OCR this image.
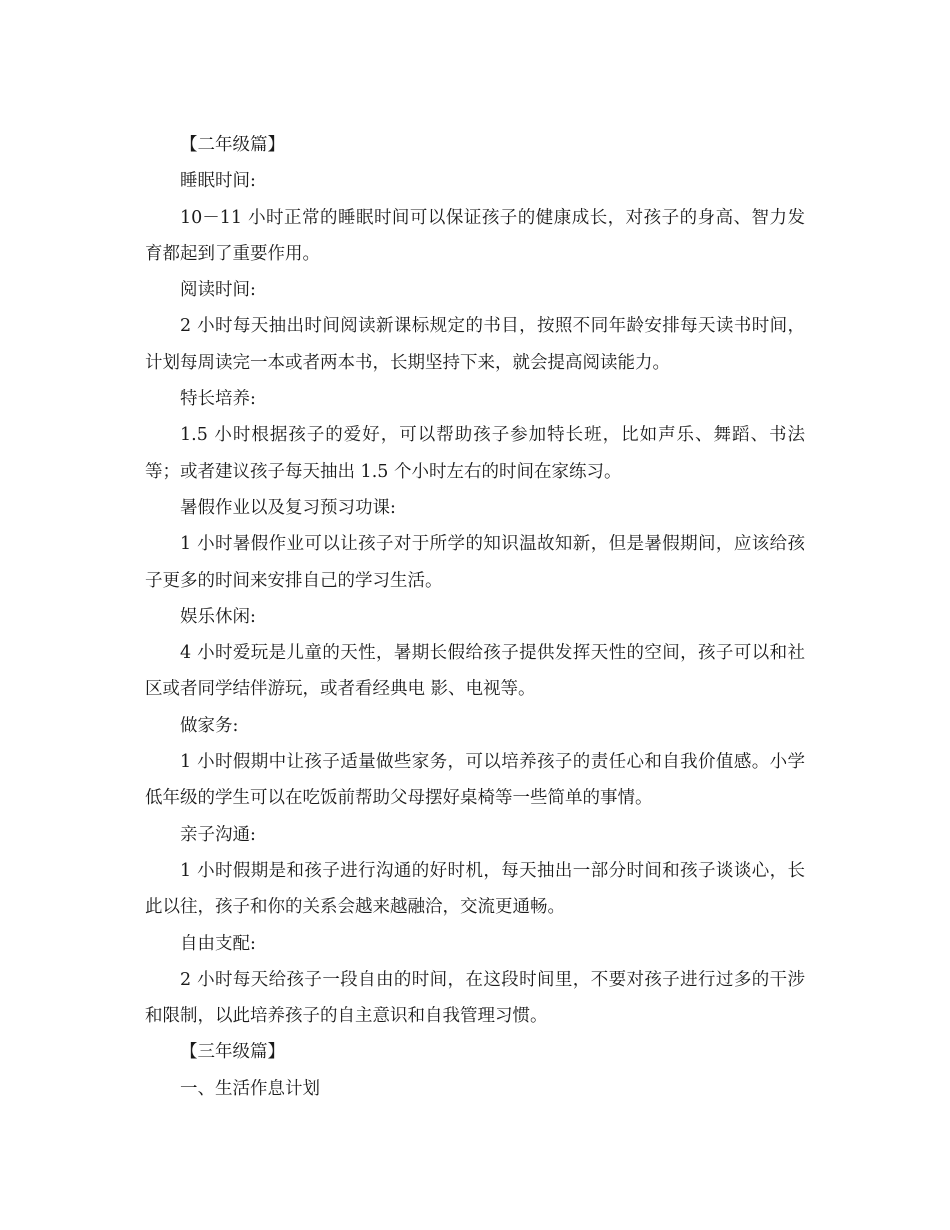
【二年级篇】

睡眠时间:

10－11 小时正常的睡眠时间可以保证孩子的健康成长，对孩子的身高、智力发育都起到了重要作用。

阅读时间:

2 小时每天抽出时间阅读新课标规定的书目，按照不同年龄安排每天读书时间，计划每周读完一本或者两本书，长期坚持下来，就会提高阅读能力。

特长培养:

1.5 小时根据孩子的爱好，可以帮助孩子参加特长班，比如声乐、舞蹈、书法等；或者建议孩子每天抽出 1.5 个小时左右的时间在家练习。

暑假作业以及复习预习功课:

1 小时暑假作业可以让孩子对于所学的知识温故知新，但是暑假期间，应该给孩子更多的时间来安排自己的学习生活。

娱乐休闲:

4 小时爱玩是儿童的天性，暑期长假给孩子提供发挥天性的空间，孩子可以和社区或者同学结伴游玩，或者看经典电 影、电视等。

做家务:

1 小时假期中让孩子适量做些家务，可以培养孩子的责任心和自我价值感。小学低年级的学生可以在吃饭前帮助父母摆好桌椅等一些简单的事情。

亲子沟通:

1 小时假期是和孩子进行沟通的好时机，每天抽出一部分时间和孩子谈谈心，长此以往，孩子和你的关系会越来越融洽，交流更通畅。

自由支配:

2 小时每天给孩子一段自由的时间，在这段时间里，不要对孩子进行过多的干涉和限制，以此培养孩子的自主意识和自我管理习惯。

【三年级篇】

一、生活作息计划
